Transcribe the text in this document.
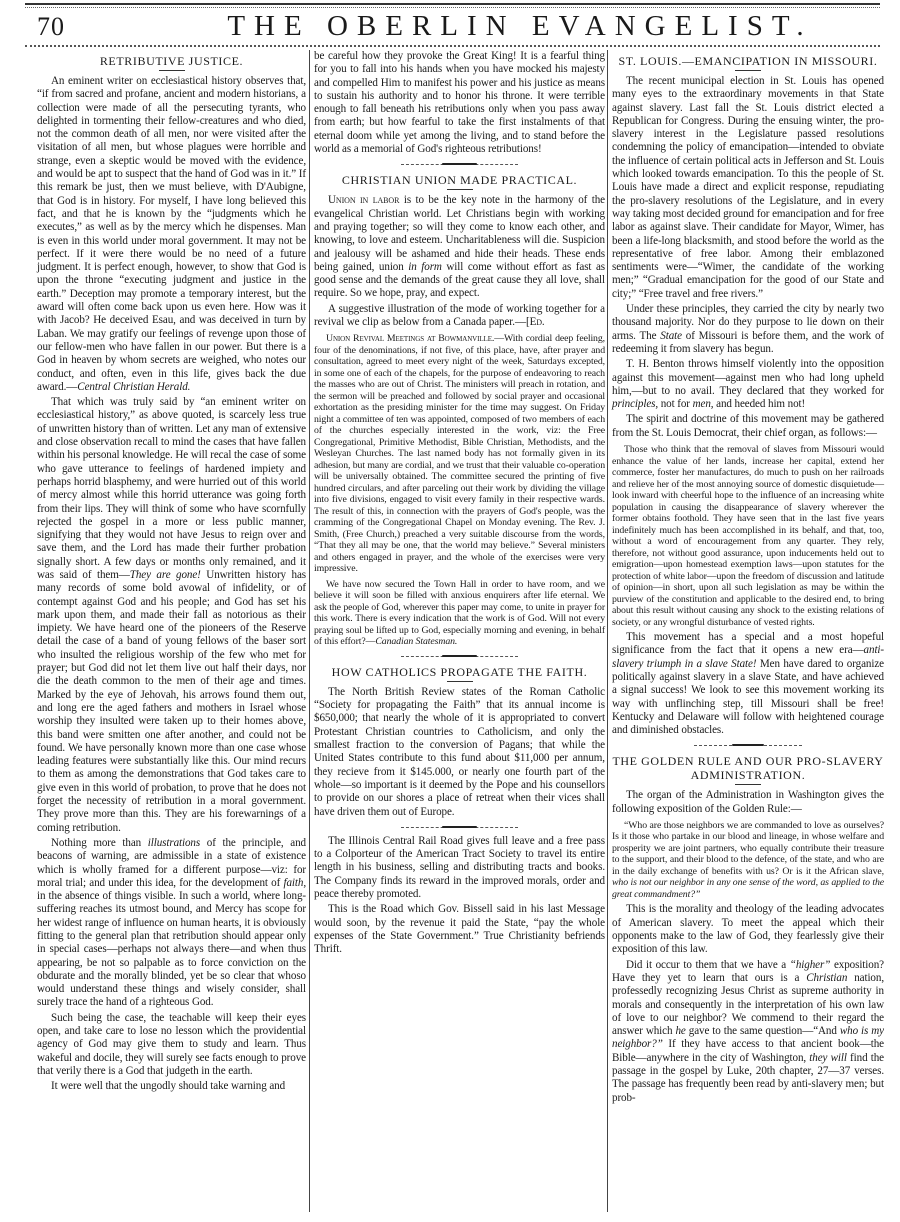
70	THE OBERLIN EVANGELIST.
RETRIBUTIVE JUSTICE.
An eminent writer on ecclesiastical history observes that, “if from sacred and profane, ancient and modern historians, a collection were made of all the persecuting tyrants, who delighted in tormenting their fellow-creatures and who died, not the common death of all men, nor were visited after the visitation of all men, but whose plagues were horrible and strange, even a skeptic would be moved with the evidence, and would be apt to suspect that the hand of God was in it.” If this remark be just, then we must believe, with D'Aubigne, that God is in history. For myself, I have long believed this fact, and that he is known by the “judgments which he executes,” as well as by the mercy which he dispenses. Man is even in this world under moral government. It may not be perfect. If it were there would be no need of a future judgment. It is perfect enough, however, to show that God is upon the throne “executing judgment and justice in the earth.” Deception may promote a temporary interest, but the award will often come back upon us even here. How was it with Jacob? He deceived Esau, and was deceived in turn by Laban. We may gratify our feelings of revenge upon those of our fellow-men who have fallen in our power. But there is a God in heaven by whom secrets are weighed, who notes our conduct, and often, even in this life, gives back the due award.—Central Christian Herald.
That which was truly said by “an eminent writer on ecclesiastical history,” as above quoted, is scarcely less true of unwritten history than of written. Let any man of extensive and close observation recall to mind the cases that have fallen within his personal knowledge. He will recal the case of some who gave utterance to feelings of hardened impiety and perhaps horrid blasphemy, and were hurried out of this world of mercy almost while this horrid utterance was going forth from their lips. They will think of some who have scornfully rejected the gospel in a more or less public manner, signifying that they would not have Jesus to reign over and save them, and the Lord has made their further probation signally short. A few days or months only remained, and it was said of them—They are gone! Unwritten history has many records of some bold avowal of infidelity, or of contempt against God and his people; and God has set his mark upon them, and made their fall as notorious as their impiety. We have heard one of the pioneers of the Reserve detail the case of a band of young fellows of the baser sort who insulted the religious worship of the few who met for prayer; but God did not let them live out half their days, nor die the death common to the men of their age and times. Marked by the eye of Jehovah, his arrows found them out, and long ere the aged fathers and mothers in Israel whose worship they insulted were taken up to their homes above, this band were smitten one after another, and could not be found. We have personally known more than one case whose leading features were substantially like this. Our mind recurs to them as among the demonstrations that God takes care to give even in this world of probation, to prove that he does not forget the necessity of retribution in a moral government. They prove more than this. They are his forewarnings of a coming retribution.
Nothing more than illustrations of the principle, and beacons of warning, are admissible in a state of existence which is wholly framed for a different purpose—viz: for moral trial; and under this idea, for the development of faith, in the absence of things visible. In such a world, where long-suffering reaches its utmost bound, and Mercy has scope for her widest range of influence on human hearts, it is obviously fitting to the general plan that retribution should appear only in special cases—perhaps not always there—and when thus appearing, be not so palpable as to force conviction on the obdurate and the morally blinded, yet be so clear that whoso would understand these things and wisely consider, shall surely trace the hand of a righteous God.
Such being the case, the teachable will keep their eyes open, and take care to lose no lesson which the providential agency of God may give them to study and learn. Thus wakeful and docile, they will surely see facts enough to prove that verily there is a God that judgeth in the earth.
It were well that the ungodly should take warning and
be careful how they provoke the Great King! It is a fearful thing for you to fall into his hands when you have mocked his majesty and compelled Him to manifest his power and his justice as means to sustain his authority and to honor his throne. It were terrible enough to fall beneath his retributions only when you pass away from earth; but how fearful to take the first instalments of that eternal doom while yet among the living, and to stand before the world as a memorial of God's righteous retributions!
CHRISTIAN UNION MADE PRACTICAL.
Union in labor is to be the key note in the harmony of the evangelical Christian world. Let Christians begin with working and praying together; so will they come to know each other, and knowing, to love and esteem. Uncharitableness will die. Suspicion and jealousy will be ashamed and hide their heads. These ends being gained, union in form will come without effort as fast as good sense and the demands of the great cause they all love, shall require. So we hope, pray, and expect.
A suggestive illustration of the mode of working together for a revival we clip as below from a Canada paper.—[Ed.
Union Revival Meetings at Bowmanville.—With cordial deep feeling, four of the denominations, if not five, of this place, have, after prayer and consultation, agreed to meet every night of the week, Saturdays excepted, in some one of each of the chapels, for the purpose of endeavoring to reach the masses who are out of Christ. The ministers will preach in rotation, and the sermon will be preached and followed by social prayer and occasional exhortation as the presiding minister for the time may suggest. On Friday night a committee of ten was appointed, composed of two members of each of the churches especially interested in the work, viz: the Free Congregational, Primitive Methodist, Bible Christian, Methodists, and the Wesleyan Churches. The last named body has not formally given in its adhesion, but many are cordial, and we trust that their valuable co-operation will be universally obtained. The committee secured the printing of five hundred circulars, and after parceling out their work by dividing the village into five divisions, engaged to visit every family in their respective wards. The result of this, in connection with the prayers of God's people, was the cramming of the Congregational Chapel on Monday evening. The Rev. J. Smith, (Free Church,) preached a very suitable discourse from the words, “That they all may be one, that the world may believe.” Several ministers and others engaged in prayer, and the whole of the exercises were very impressive.
We have now secured the Town Hall in order to have room, and we believe it will soon be filled with anxious enquirers after life eternal. We ask the people of God, wherever this paper may come, to unite in prayer for this work. There is every indication that the work is of God. Will not every praying soul be lifted up to God, especially morning and evening, in behalf of this effort?—Canadian Statesman.
HOW CATHOLICS PROPAGATE THE FAITH.
The North British Review states of the Roman Catholic “Society for propagating the Faith” that its annual income is $650,000; that nearly the whole of it is appropriated to convert Protestant Christian countries to Catholicism, and only the smallest fraction to the conversion of Pagans; that while the United States contribute to this fund about $11,000 per annum, they recieve from it $145.000, or nearly one fourth part of the whole—so important is it deemed by the Pope and his counsellors to provide on our shores a place of retreat when their vices shall have driven them out of Europe.
The Illinois Central Rail Road gives full leave and a free pass to a Colporteur of the American Tract Society to travel its entire length in his business, selling and distributing tracts and books. The Company finds its reward in the improved morals, order and peace thereby promoted.
This is the Road which Gov. Bissell said in his last Message would soon, by the revenue it paid the State, “pay the whole expenses of the State Government.” True Christianity befriends Thrift.
ST. LOUIS.—EMANCIPATION IN MISSOURI.
The recent municipal election in St. Louis has opened many eyes to the extraordinary movements in that State against slavery. Last fall the St. Louis district elected a Republican for Congress. During the ensuing winter, the pro-slavery interest in the Legislature passed resolutions condemning the policy of emancipation—intended to obviate the influence of certain political acts in Jefferson and St. Louis which looked towards emancipation. To this the people of St. Louis have made a direct and explicit response, repudiating the pro-slavery resolutions of the Legislature, and in every way taking most decided ground for emancipation and for free labor as against slave. Their candidate for Mayor, Wimer, has been a life-long blacksmith, and stood before the world as the representative of free labor. Among their emblazoned sentiments were—“Wimer, the candidate of the working men;” “Gradual emancipation for the good of our State and city;” “Free travel and free rivers.”
Under these principles, they carried the city by nearly two thousand majority. Nor do they purpose to lie down on their arms. The State of Missouri is before them, and the work of redeeming it from slavery has begun.
T. H. Benton throws himself violently into the opposition against this movement—against men who had long upheld him,—but to no avail. They declared that they worked for principles, not for men, and heeded him not!
The spirit and doctrine of this movement may be gathered from the St. Louis Democrat, their chief organ, as follows:—
Those who think that the removal of slaves from Missouri would enhance the value of her lands, increase her capital, extend her commerce, foster her manufactures, do much to push on her railroads and relieve her of the most annoying source of domestic disquietude—look inward with cheerful hope to the influence of an increasing white population in causing the disappearance of slavery wherever the former obtains foothold. They have seen that in the last five years indefinitely much has been accomplished in its behalf, and that, too, without a word of encouragement from any quarter. They rely, therefore, not without good assurance, upon inducements held out to emigration—upon homestead exemption laws—upon statutes for the protection of white labor—upon the freedom of discussion and latitude of opinion—in short, upon all such legislation as may be within the purview of the constitution and applicable to the desired end, to bring about this result without causing any shock to the existing relations of society, or any wrongful disturbance of vested rights.
This movement has a special and a most hopeful significance from the fact that it opens a new era—anti-slavery triumph in a slave State! Men have dared to organize politically against slavery in a slave State, and have achieved a signal success! We look to see this movement working its way with unflinching step, till Missouri shall be free! Kentucky and Delaware will follow with heightened courage and diminished obstacles.
THE GOLDEN RULE AND OUR PRO-SLAVERY ADMINISTRATION.
The organ of the Administration in Washington gives the following exposition of the Golden Rule:—
“Who are those neighbors we are commanded to love as ourselves? Is it those who partake in our blood and lineage, in whose welfare and prosperity we are joint partners, who equally contribute their treasure to the support, and their blood to the defence, of the state, and who are in the daily exchange of benefits with us? Or is it the African slave, who is not our neighbor in any one sense of the word, as applied to the great commandment?”
This is the morality and theology of the leading advocates of American slavery. To meet the appeal which their opponents make to the law of God, they fearlessly give their exposition of this law.
Did it occur to them that we have a “higher” exposition? Have they yet to learn that ours is a Christian nation, professedly recognizing Jesus Christ as supreme authority in morals and consequently in the interpretation of his own law of love to our neighbor? We commend to their regard the answer which he gave to the same question—“And who is my neighbor?” If they have access to that ancient book—the Bible—anywhere in the city of Washington, they will find the passage in the gospel by Luke, 20th chapter, 27—37 verses. The passage has frequently been read by anti-slavery men; but prob-
